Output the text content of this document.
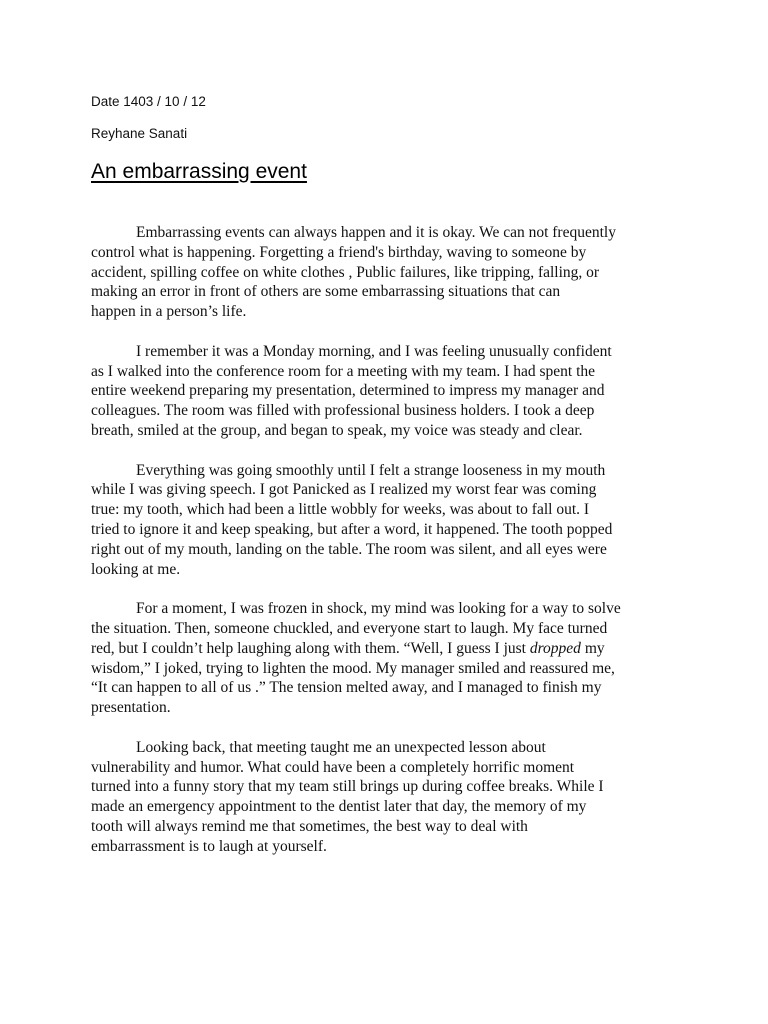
Date 1403 / 10 / 12
Reyhane Sanati
An embarrassing event

Embarrassing events can always happen and it is okay. We can not frequently
control what is happening. Forgetting a friend's birthday, waving to someone by
accident, spilling coffee on white clothes , Public failures, like tripping, falling, or
making an error in front of others are some embarrassing situations that can
happen in a person’s life.

I remember it was a Monday morning, and I was feeling unusually confident
as I walked into the conference room for a meeting with my team. I had spent the
entire weekend preparing my presentation, determined to impress my manager and
colleagues. The room was filled with professional business holders. I took a deep
breath, smiled at the group, and began to speak, my voice was steady and clear.

Everything was going smoothly until I felt a strange looseness in my mouth
while I was giving speech. I got Panicked as I realized my worst fear was coming
true: my tooth, which had been a little wobbly for weeks, was about to fall out. I
tried to ignore it and keep speaking, but after a word, it happened. The tooth popped
right out of my mouth, landing on the table. The room was silent, and all eyes were
looking at me.

For a moment, I was frozen in shock, my mind was looking for a way to solve
the situation. Then, someone chuckled, and everyone start to laugh. My face turned
red, but I couldn’t help laughing along with them. “Well, I guess I just dropped my
wisdom,” I joked, trying to lighten the mood. My manager smiled and reassured me,
“It can happen to all of us .” The tension melted away, and I managed to finish my
presentation.

Looking back, that meeting taught me an unexpected lesson about
vulnerability and humor. What could have been a completely horrific moment
turned into a funny story that my team still brings up during coffee breaks. While I
made an emergency appointment to the dentist later that day, the memory of my
tooth will always remind me that sometimes, the best way to deal with
embarrassment is to laugh at yourself.
